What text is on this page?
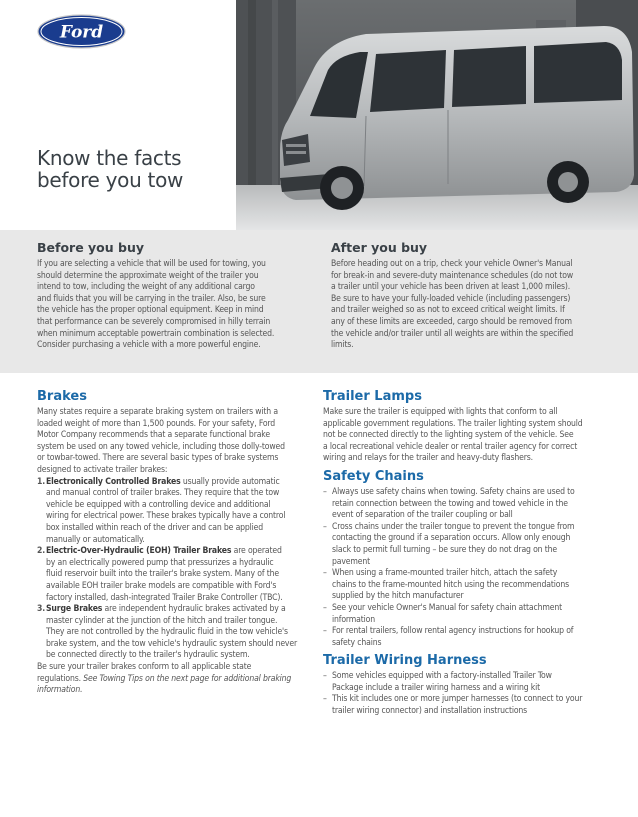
Ford
Know the facts
before you tow
Before you buy
If you are selecting a vehicle that will be used for towing, you
should determine the approximate weight of the trailer you
intend to tow, including the weight of any additional cargo
and fluids that you will be carrying in the trailer. Also, be sure
the vehicle has the proper optional equipment. Keep in mind
that performance can be severely compromised in hilly terrain
when minimum acceptable powertrain combination is selected.
Consider purchasing a vehicle with a more powerful engine.
After you buy
Before heading out on a trip, check your vehicle Owner's Manual
for break-in and severe-duty maintenance schedules (do not tow
a trailer until your vehicle has been driven at least 1,000 miles).
Be sure to have your fully-loaded vehicle (including passengers)
and trailer weighed so as not to exceed critical weight limits. If
any of these limits are exceeded, cargo should be removed from
the vehicle and/or trailer until all weights are within the specified
limits.
Brakes
Many states require a separate braking system on trailers with a
loaded weight of more than 1,500 pounds. For your safety, Ford
Motor Company recommends that a separate functional brake
system be used on any towed vehicle, including those dolly-towed
or towbar-towed. There are several basic types of brake systems
designed to activate trailer brakes:
1. Electronically Controlled Brakes usually provide automatic
and manual control of trailer brakes. They require that the tow
vehicle be equipped with a controlling device and additional
wiring for electrical power. These brakes typically have a control
box installed within reach of the driver and can be applied
manually or automatically.
2. Electric-Over-Hydraulic (EOH) Trailer Brakes are operated
by an electrically powered pump that pressurizes a hydraulic
fluid reservoir built into the trailer's brake system. Many of the
available EOH trailer brake models are compatible with Ford's
factory installed, dash-integrated Trailer Brake Controller (TBC).
3. Surge Brakes are independent hydraulic brakes activated by a
master cylinder at the junction of the hitch and trailer tongue.
They are not controlled by the hydraulic fluid in the tow vehicle's
brake system, and the tow vehicle's hydraulic system should never
be connected directly to the trailer's hydraulic system.
Be sure your trailer brakes conform to all applicable state
regulations. See Towing Tips on the next page for additional braking
information.
Trailer Lamps
Make sure the trailer is equipped with lights that conform to all
applicable government regulations. The trailer lighting system should
not be connected directly to the lighting system of the vehicle. See
a local recreational vehicle dealer or rental trailer agency for correct
wiring and relays for the trailer and heavy-duty flashers.
Safety Chains
– Always use safety chains when towing. Safety chains are used to
retain connection between the towing and towed vehicle in the
event of separation of the trailer coupling or ball
– Cross chains under the trailer tongue to prevent the tongue from
contacting the ground if a separation occurs. Allow only enough
slack to permit full turning – be sure they do not drag on the
pavement
– When using a frame-mounted trailer hitch, attach the safety
chains to the frame-mounted hitch using the recommendations
supplied by the hitch manufacturer
– See your vehicle Owner's Manual for safety chain attachment
information
– For rental trailers, follow rental agency instructions for hookup of
safety chains
Trailer Wiring Harness
– Some vehicles equipped with a factory-installed Trailer Tow
Package include a trailer wiring harness and a wiring kit
– This kit includes one or more jumper harnesses (to connect to your
trailer wiring connector) and installation instructions
